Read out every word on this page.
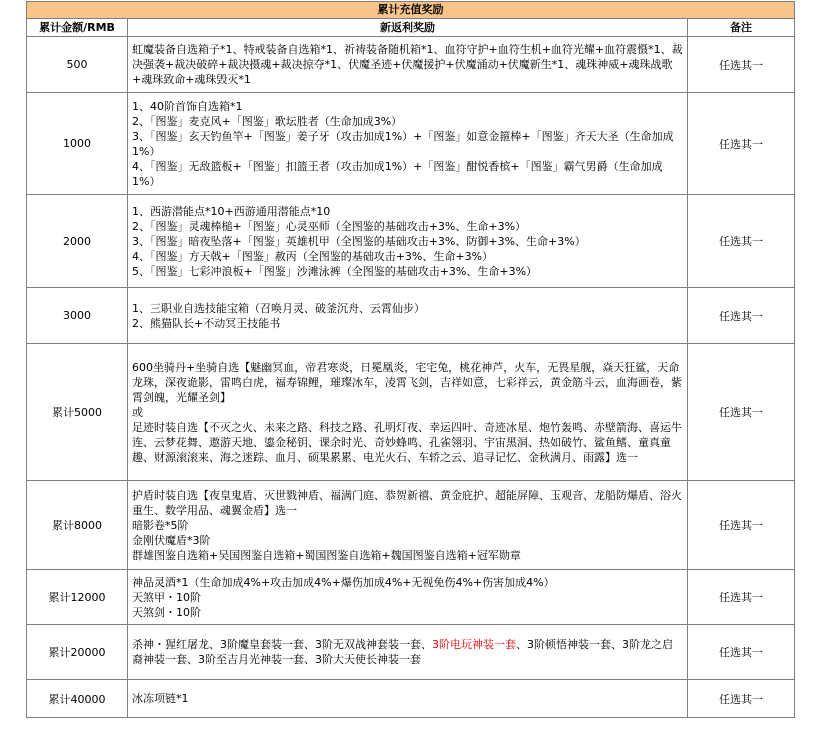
累计充值奖励		
累计金额/RMB	新返利奖励	备注
500	虹魔装备自选箱子*1、特戒装备自选箱*1、祈祷装备随机箱*1、血符守护+血符生机+血符光耀+血符震慑*1、裁决强袭+裁决破碎+裁决摄魂+裁决掠夺*1、伏魔圣迹+伏魔援护+伏魔涌动+伏魔新生*1、魂珠神威+魂珠战歌+魂珠致命+魂珠毁灭*1	任选其一
1000	1、40阶首饰自选箱*1
2、「图鉴」麦克风+「图鉴」歌坛胜者（生命加成3%）
3、「图鉴」玄天钓鱼竿+「图鉴」姜子牙（攻击加成1%）+「图鉴」如意金箍棒+「图鉴」齐天大圣（生命加成1%）
4、「图鉴」无敌篮板+「图鉴」扣篮王者（攻击加成1%）+「图鉴」酣悦香槟+「图鉴」霸气男爵（生命加成1%）	任选其一
2000	1、西游潜能点*10+西游通用潜能点*10
2、「图鉴」灵魂棒槌+「图鉴」心灵巫师（全图鉴的基础攻击+3%、生命+3%）
3、「图鉴」暗夜坠落+「图鉴」英雄机甲（全图鉴的基础攻击+3%、防御+3%、生命+3%）
4、「图鉴」方天戟+「图鉴」赦丙（全图鉴的基础攻击+3%、生命+3%）
5、「图鉴」七彩冲浪板+「图鉴」沙滩泳裤（全图鉴的基础攻击+3%、生命+3%）	任选其一
3000	1、三职业自选技能宝箱（召唤月灵、破釜沉舟、云霄仙步）
2、熊猫队长+不动冥王技能书	任选其一
累计5000	600坐骑丹+坐骑自选【魅幽冥血，帝君寒炎，日冕凰炎，宅宅兔，桃花神芦，火车，无畏星舰，焱天狂鲨，天命龙珠，深夜诡影，雷鸣白虎，福寿锦鲤，璀璨冰车，凌霄飞剑，吉祥如意，七彩祥云，黄金筋斗云，血海画卷，紫霄剑魄，光耀圣剑】
或
足迹时装自选【不灭之火、未来之路、科技之路、孔明灯夜、幸运四叶、奇迹冰星、炮竹轰鸣、赤壁箭海、喜运牛连、云梦花舞、遨游天地、鎏金秘钥、课余时光、奇妙蜂鸣、孔雀翎羽、宇宙黑洞、热如破竹、鲨鱼鳍、童真童趣、财源滚滚来、海之迷踪、血月、硕果累累、电光火石、车轿之云、追寻记忆、金秋满月、雨露】选一	任选其一
累计8000	护盾时装自选【夜皇鬼盾、灭世戮神盾、福满门庭、恭贺新禧、黄金庇护、超能屏障、玉观音、龙船防爆盾、浴火重生、数学用品、魂翼金盾】选一
暗影卷*5阶
金刚伏魔盾*3阶
群雄图鉴自选箱+吴国图鉴自选箱+蜀国图鉴自选箱+魏国图鉴自选箱+冠军勋章	任选其一
累计12000	神品灵酒*1（生命加成4%+攻击加成4%+爆伤加成4%+无视免伤4%+伤害加成4%）
天煞甲・10阶
天煞剑・10阶	任选其一
累计20000	杀神・猩红屠龙、3阶魔皇套装一套、3阶无双战神套装一套、3阶电玩神装一套、3阶顿悟神装一套、3阶龙之启裔神装一套、3阶至吉月光神装一套、3阶大天使长神装一套	任选其一
累计40000	冰冻项链*1	任选其一
